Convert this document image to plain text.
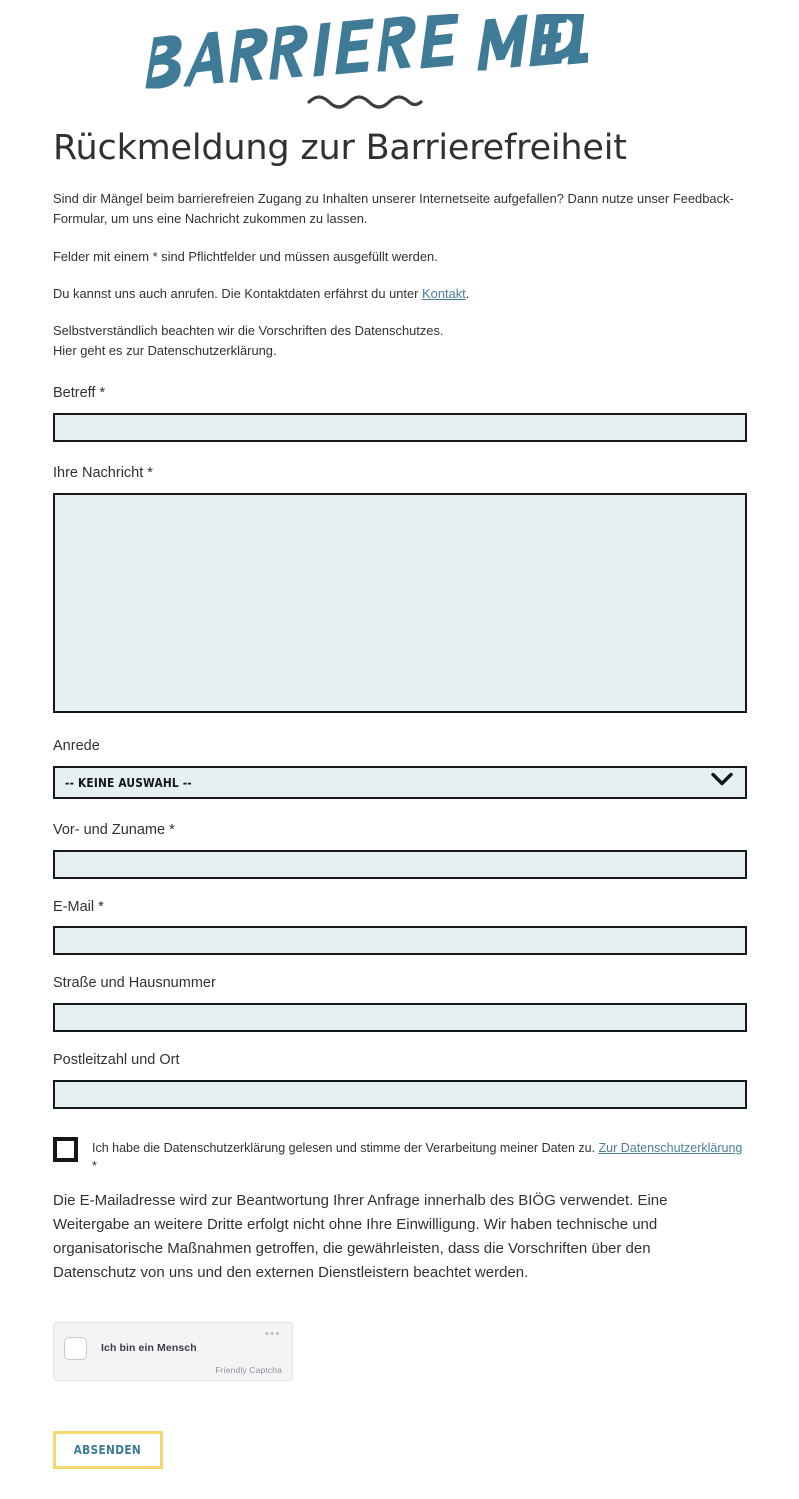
Rückmeldung zur Barrierefreiheit

Sind dir Mängel beim barrierefreien Zugang zu Inhalten unserer Internetseite aufgefallen? Dann nutze unser Feedback-Formular, um uns eine Nachricht zukommen zu lassen.

Felder mit einem * sind Pflichtfelder und müssen ausgefüllt werden.

Du kannst uns auch anrufen. Die Kontaktdaten erfährst du unter Kontakt.

Selbstverständlich beachten wir die Vorschriften des Datenschutzes.
Hier geht es zur Datenschutzerklärung.

Betreff *
Ihre Nachricht *
Anrede
-- KEINE AUSWAHL --
Vor- und Zuname *
E-Mail *
Straße und Hausnummer
Postleitzahl und Ort
Ich habe die Datenschutzerklärung gelesen und stimme der Verarbeitung meiner Daten zu. Zur Datenschutzerklärung *

Die E-Mailadresse wird zur Beantwortung Ihrer Anfrage innerhalb des BIÖG verwendet. Eine Weitergabe an weitere Dritte erfolgt nicht ohne Ihre Einwilligung. Wir haben technische und organisatorische Maßnahmen getroffen, die gewährleisten, dass die Vorschriften über den Datenschutz von uns und den externen Dienstleistern beachtet werden.

•••
Ich bin ein Mensch
Friendly Captcha
ABSENDEN
